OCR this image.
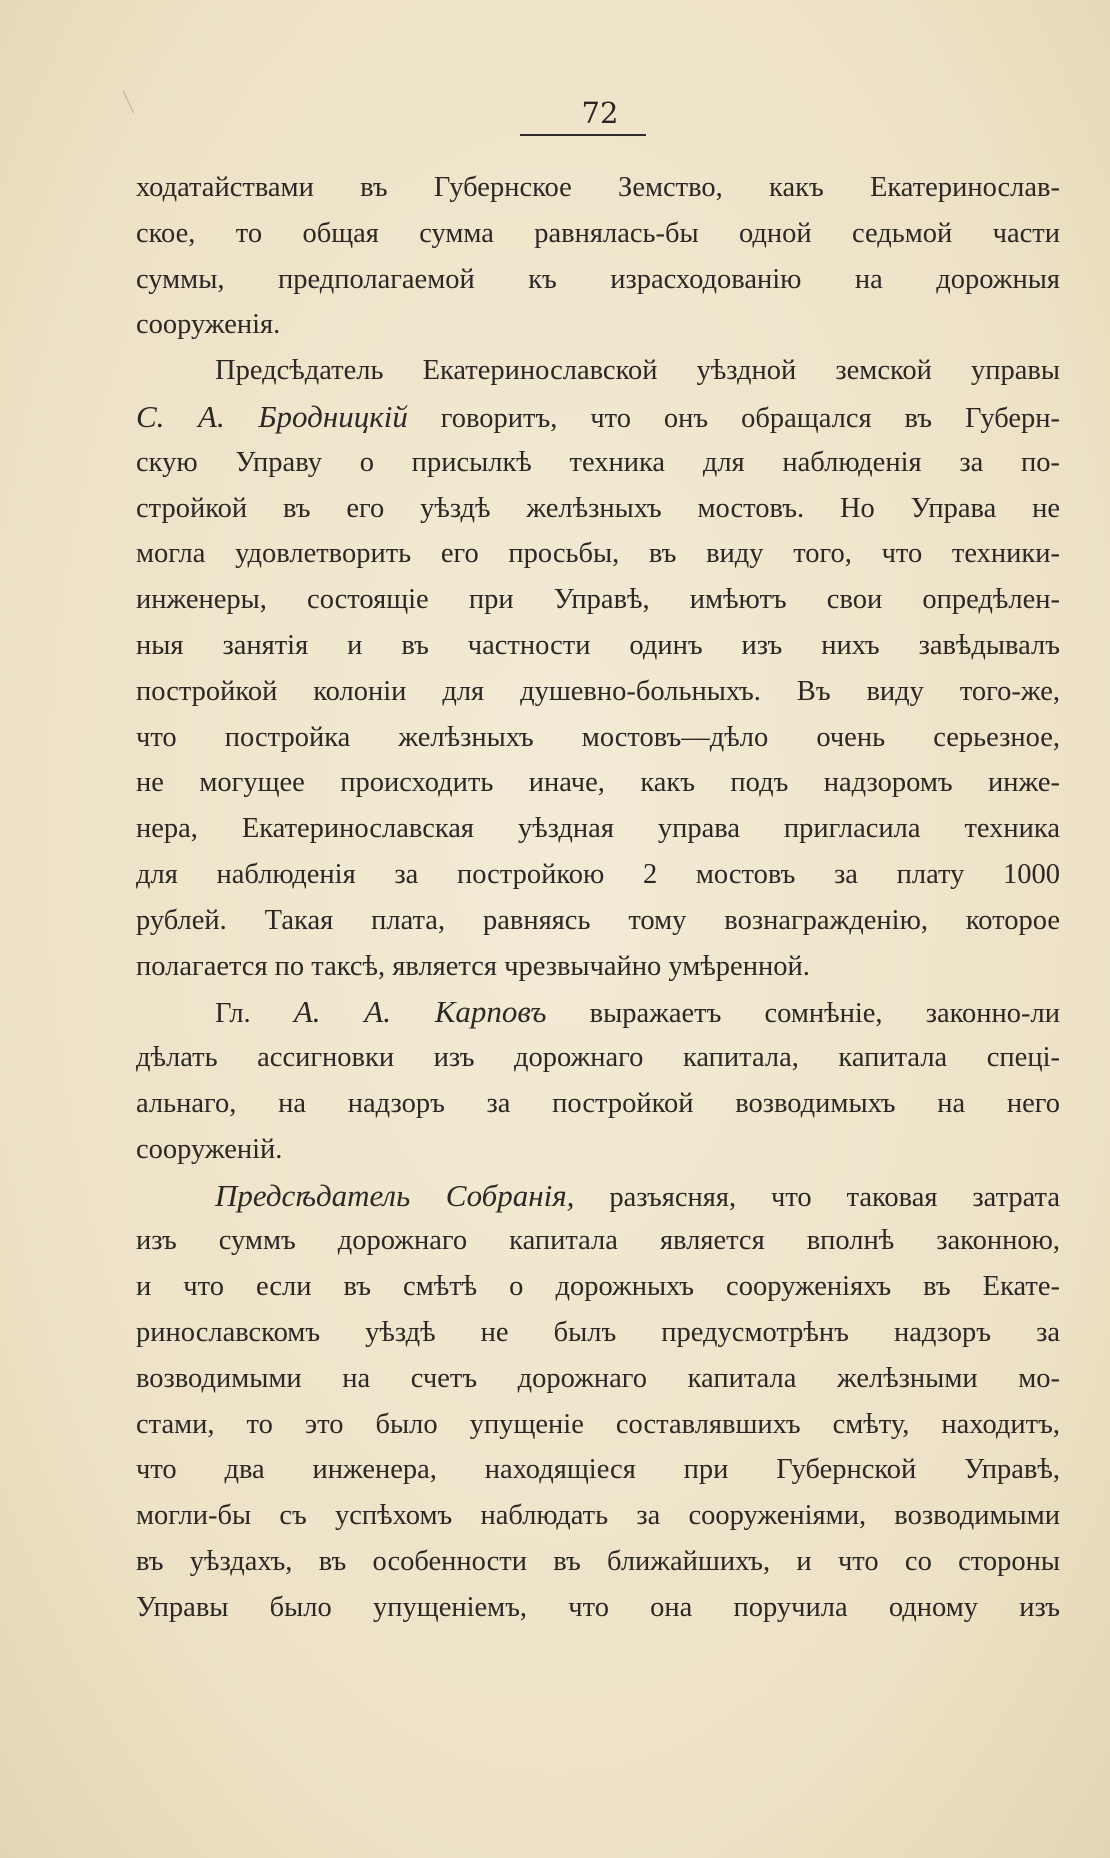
72
ходатайствами въ Губернское Земство, какъ Екатеринослав-
ское, то общая сумма равнялась-бы одной седьмой части
суммы, предполагаемой къ израсходованію на дорожныя
сооруженія.
Предсѣдатель Екатеринославской уѣздной земской управы
С. А. Бродницкій говоритъ, что онъ обращался въ Губерн-
скую Управу о присылкѣ техника для наблюденія за по-
стройкой въ его уѣздѣ желѣзныхъ мостовъ. Но Управа не
могла удовлетворить его просьбы, въ виду того, что техники-
инженеры, состоящіе при Управѣ, имѣютъ свои опредѣлен-
ныя занятія и въ частности одинъ изъ нихъ завѣдывалъ
постройкой колоніи для душевно-больныхъ. Въ виду того-же,
что постройка желѣзныхъ мостовъ—дѣло очень серьезное,
не могущее происходить иначе, какъ подъ надзоромъ инже-
нера, Екатеринославская уѣздная управа пригласила техника
для наблюденія за постройкою 2 мостовъ за плату 1000
рублей. Такая плата, равняясь тому вознагражденію, которое
полагается по таксѣ, является чрезвычайно умѣренной.
Гл. А. А. Карповъ выражаетъ сомнѣніе, законно-ли
дѣлать ассигновки изъ дорожнаго капитала, капитала спеці-
альнаго, на надзоръ за постройкой возводимыхъ на него
сооруженій.
Предсѣдатель Собранія, разъясняя, что таковая затрата
изъ суммъ дорожнаго капитала является вполнѣ законною,
и что если въ смѣтѣ о дорожныхъ сооруженіяхъ въ Екате-
ринославскомъ уѣздѣ не былъ предусмотрѣнъ надзоръ за
возводимыми на счетъ дорожнаго капитала желѣзными мо-
стами, то это было упущеніе составлявшихъ смѣту, находитъ,
что два инженера, находящіеся при Губернской Управѣ,
могли-бы съ успѣхомъ наблюдать за сооруженіями, возводимыми
въ уѣздахъ, въ особенности въ ближайшихъ, и что со стороны
Управы было упущеніемъ, что она поручила одному изъ
